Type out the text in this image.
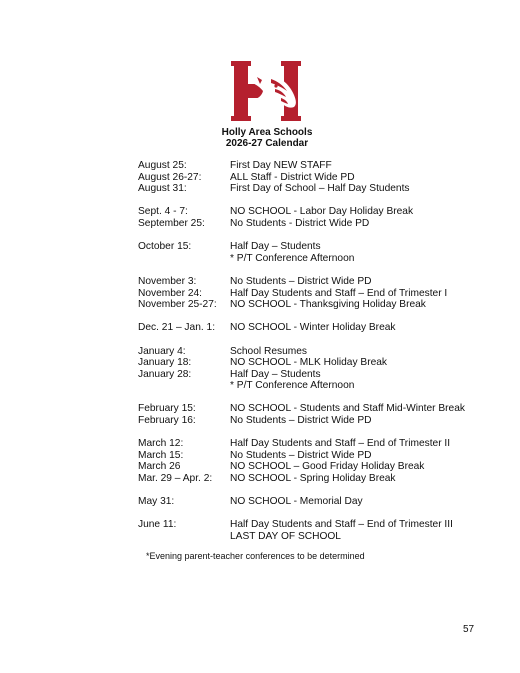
Holly Area Schools
2026-27 Calendar
August 25:	First Day NEW STAFF
August 26-27:	ALL Staff - District Wide PD
August 31:	First Day of School – Half Day Students
Sept. 4 - 7:	NO SCHOOL - Labor Day Holiday Break
September 25:	No Students - District Wide PD
October 15:	Half Day – Students
* P/T Conference Afternoon
November 3:	No Students – District Wide PD
November 24:	Half Day Students and Staff – End of Trimester I
November 25-27:	NO SCHOOL - Thanksgiving Holiday Break
Dec. 21 – Jan. 1:	NO SCHOOL - Winter Holiday Break
January 4:	School Resumes
January 18:	NO SCHOOL - MLK Holiday Break
January 28:	Half Day – Students
* P/T Conference Afternoon
February 15:	NO SCHOOL - Students and Staff Mid-Winter Break
February 16:	No Students – District Wide PD
March 12:	Half Day Students and Staff – End of Trimester II
March 15:	No Students – District Wide PD
March 26	NO SCHOOL – Good Friday Holiday Break
Mar. 29 – Apr. 2:	NO SCHOOL - Spring Holiday Break
May 31:	NO SCHOOL - Memorial Day
June 11:	Half Day Students and Staff – End of Trimester III
LAST DAY OF SCHOOL
*Evening parent-teacher conferences to be determined
57
